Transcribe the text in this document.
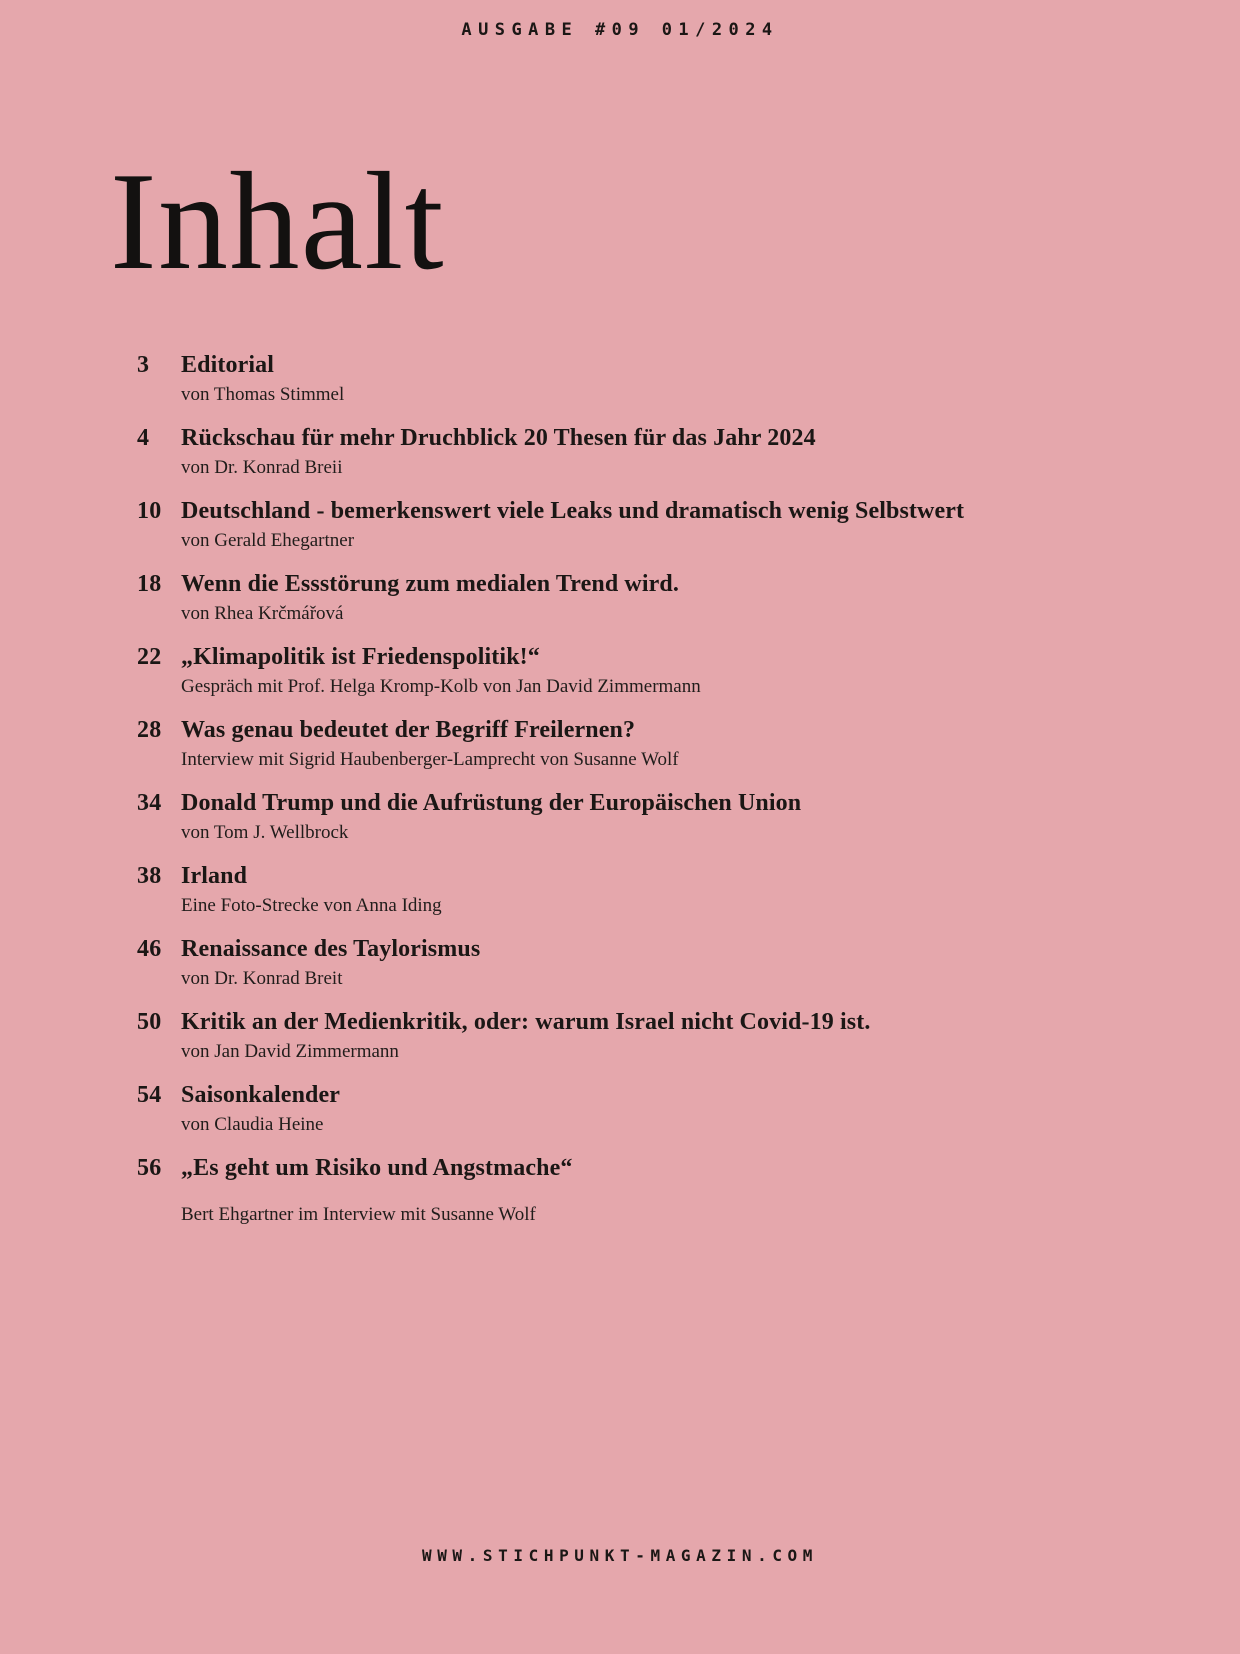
AUSGABE #09 01/2024
Inhalt
3	Editorial
von Thomas Stimmel
4	Rückschau für mehr Druchblick 20 Thesen für das Jahr 2024
von Dr. Konrad Breii
10 Deutschland - bemerkenswert viele Leaks und dramatisch wenig Selbstwert
von Gerald Ehegartner
18 Wenn die Essstörung zum medialen Trend wird.
von Rhea Krčmářová
22 „Klimapolitik ist Friedenspolitik!“
Gespräch mit Prof. Helga Kromp-Kolb von Jan David Zimmermann
28 Was genau bedeutet der Begriff Freilernen?
Interview mit Sigrid Haubenberger-Lamprecht von Susanne Wolf
34 Donald Trump und die Aufrüstung der Europäischen Union
von Tom J. Wellbrock
38 Irland
Eine Foto-Strecke von Anna Iding
46 Renaissance des Taylorismus
von Dr. Konrad Breit
50 Kritik an der Medienkritik, oder: warum Israel nicht Covid-19 ist.
von Jan David Zimmermann
54 Saisonkalender
von Claudia Heine
56 „Es geht um Risiko und Angstmache“
Bert Ehgartner im Interview mit Susanne Wolf
WWW.STICHPUNKT-MAGAZIN.COM
